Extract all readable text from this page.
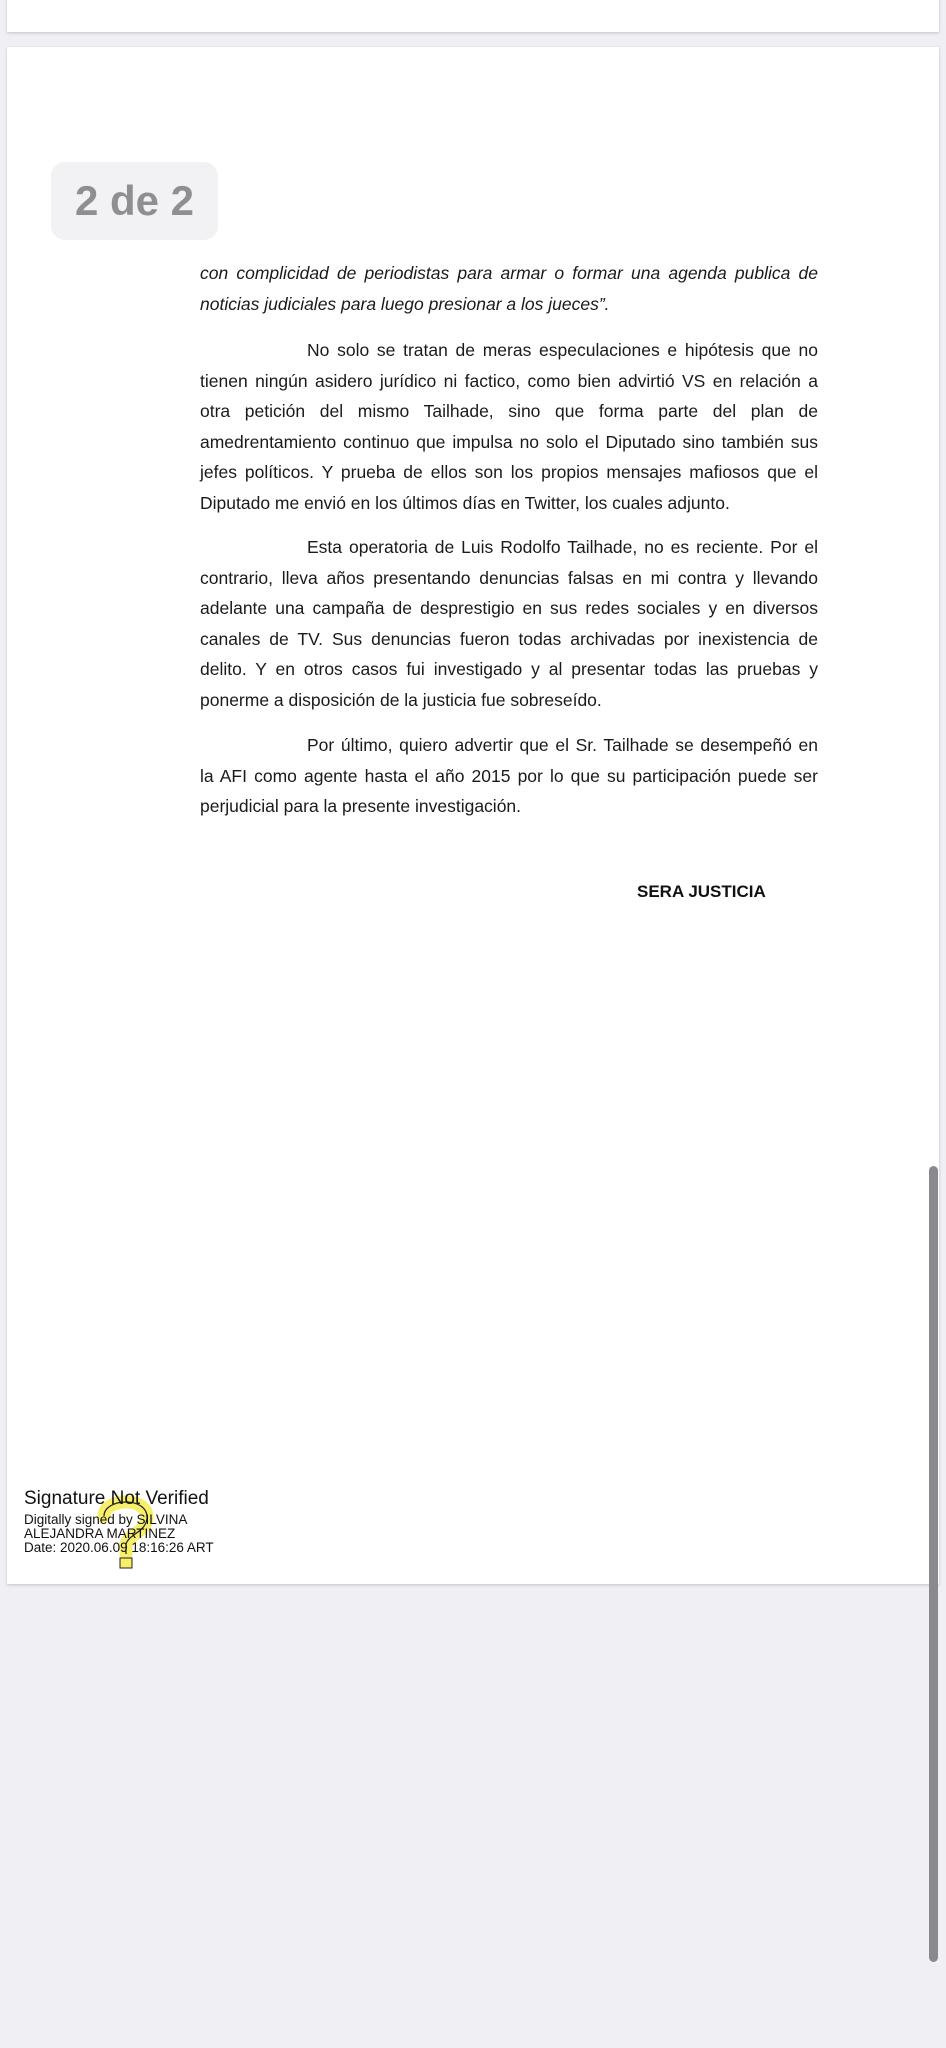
2 de 2

con complicidad de periodistas para armar o formar una agenda publica de noticias judiciales para luego presionar a los jueces”.

No solo se tratan de meras especulaciones e hipótesis que no tienen ningún asidero jurídico ni factico, como bien advirtió VS en relación a otra petición del mismo Tailhade, sino que forma parte del plan de amedrentamiento continuo que impulsa no solo el Diputado sino también sus jefes políticos. Y prueba de ellos son los propios mensajes mafiosos que el Diputado me envió en los últimos días en Twitter, los cuales adjunto.

Esta operatoria de Luis Rodolfo Tailhade, no es reciente. Por el contrario, lleva años presentando denuncias falsas en mi contra y llevando adelante una campaña de desprestigio en sus redes sociales y en diversos canales de TV. Sus denuncias fueron todas archivadas por inexistencia de delito. Y en otros casos fui investigado y al presentar todas las pruebas y ponerme a disposición de la justicia fue sobreseído.

Por último, quiero advertir que el Sr. Tailhade se desempeñó en la AFI como agente hasta el año 2015 por lo que su participación puede ser perjudicial para la presente investigación.

SERA JUSTICIA
Signature Not Verified
Digitally signed by SILVINA
ALEJANDRA MARTINEZ
Date: 2020.06.09 18:16:26 ART
